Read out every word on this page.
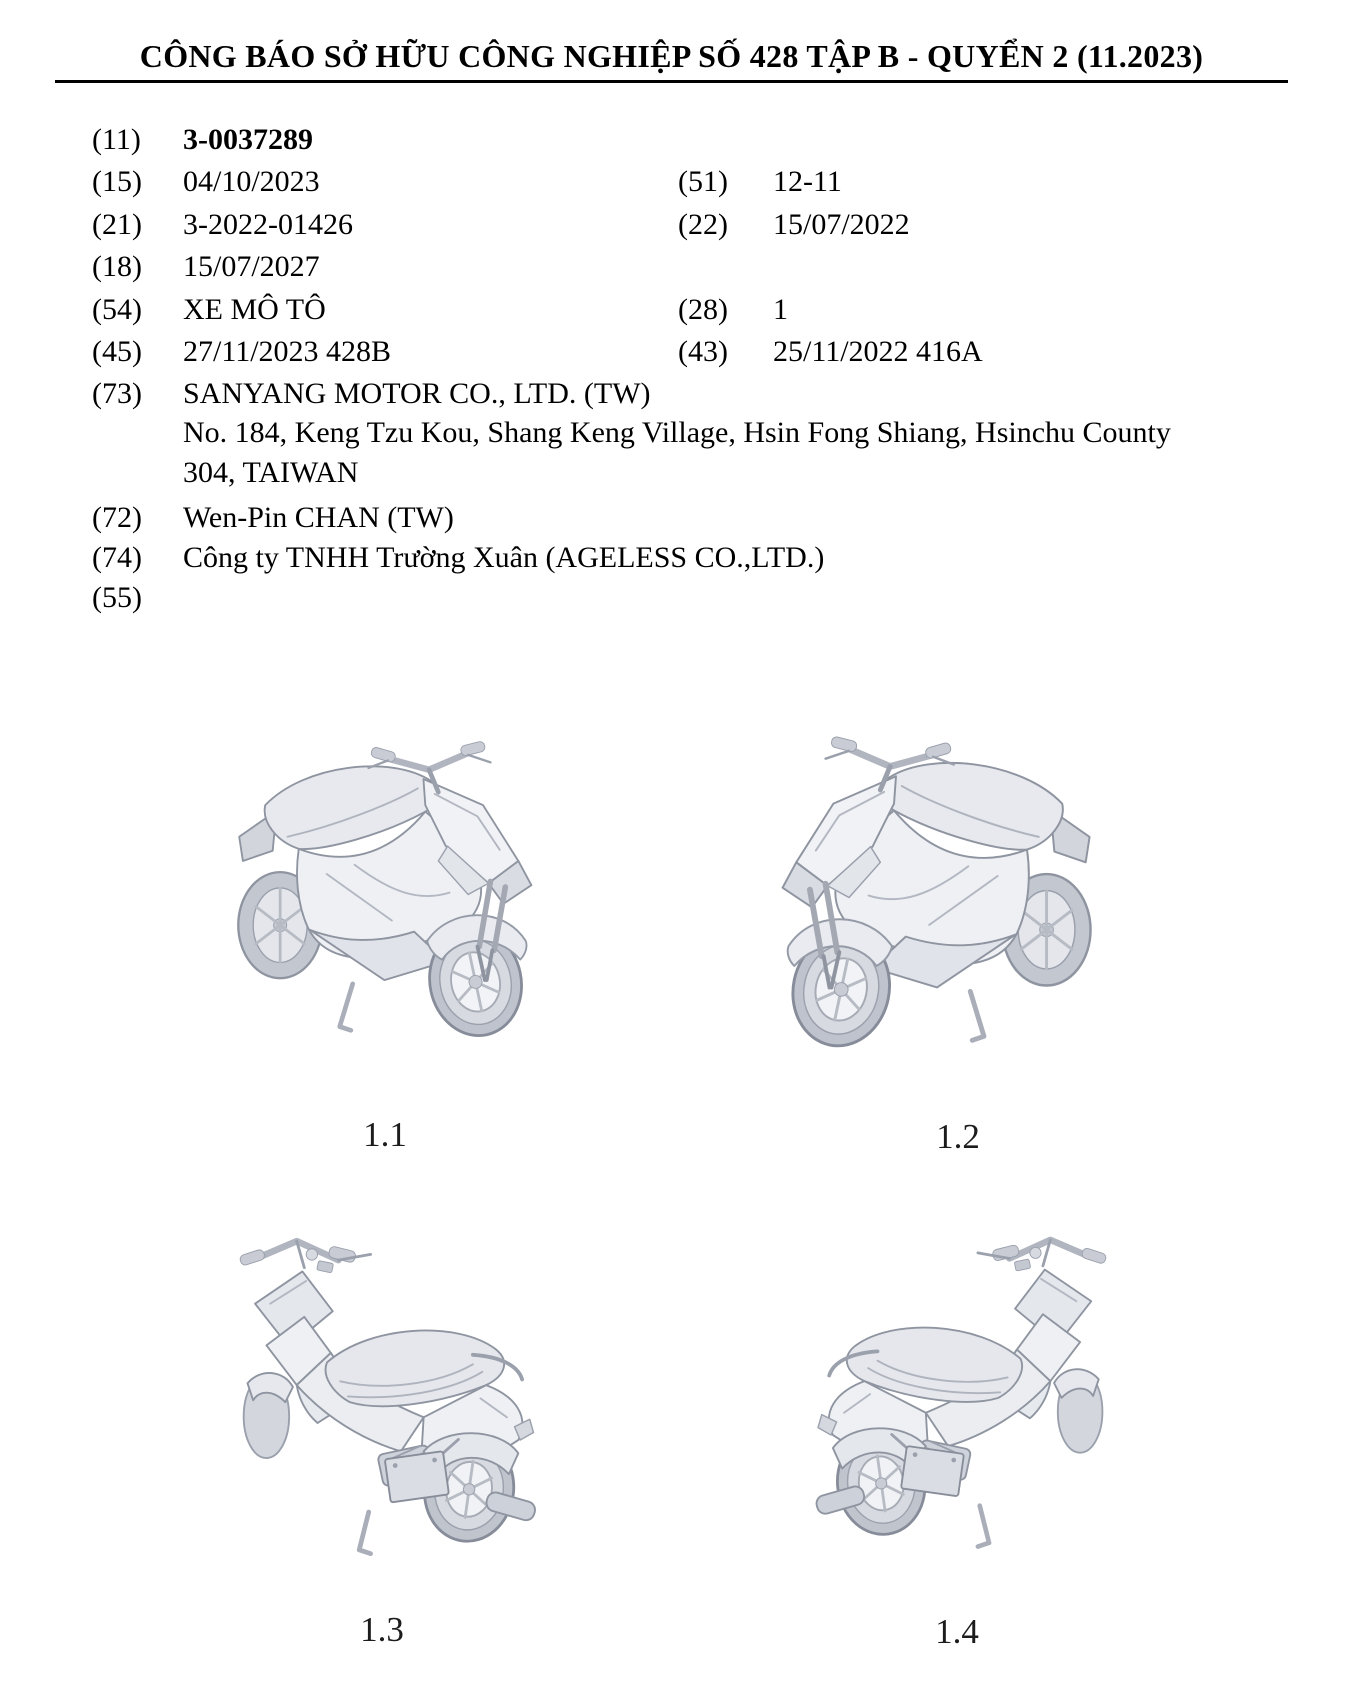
CÔNG BÁO SỞ HỮU CÔNG NGHIỆP SỐ 428 TẬP B - QUYỂN 2 (11.2023)
(11) 3-0037289
(15) 04/10/2023	(51) 12-11
(21) 3-2022-01426	(22) 15/07/2022
(18) 15/07/2027
(54) XE MÔ TÔ	(28) 1
(45) 27/11/2023 428B	(43) 25/11/2022 416A
(73) SANYANG MOTOR CO., LTD. (TW)
No. 184, Keng Tzu Kou, Shang Keng Village, Hsin Fong Shiang, Hsinchu County
304, TAIWAN
(72) Wen-Pin CHAN (TW)
(74) Công ty TNHH Trường Xuân (AGELESS CO.,LTD.)
(55)
1.1	1.2
1.3	1.4
